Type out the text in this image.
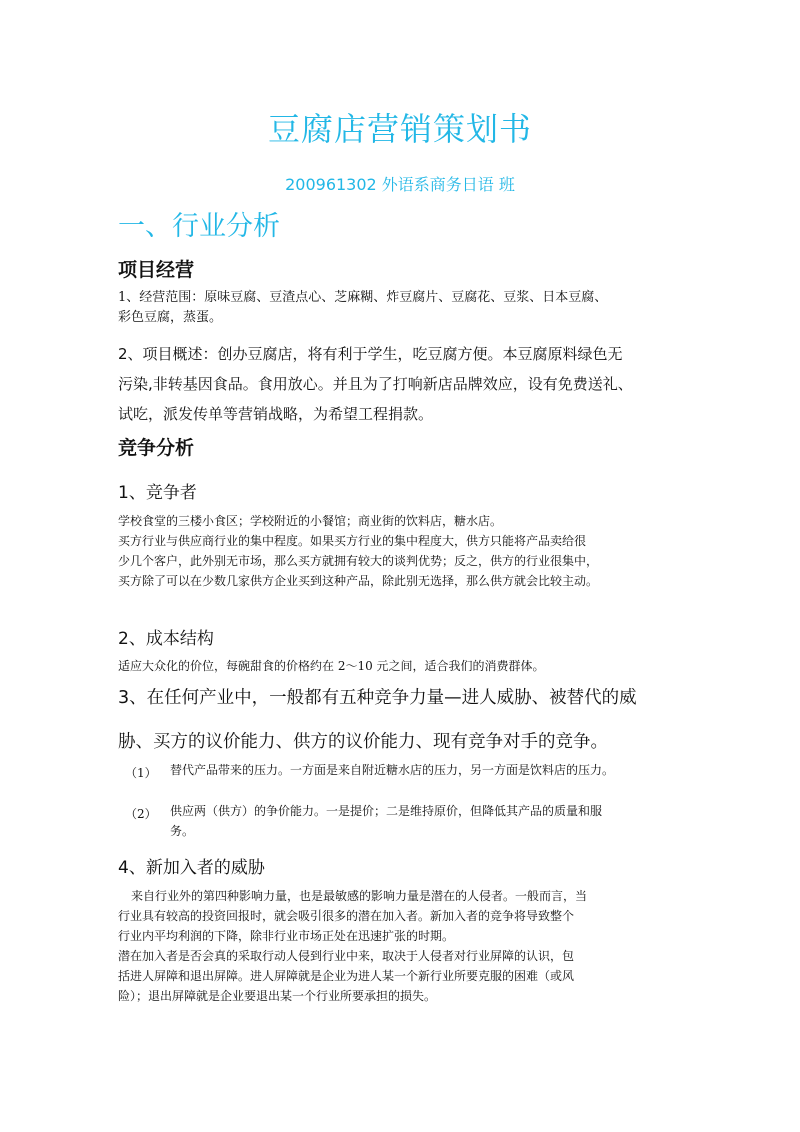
豆腐店营销策划书
200961302 外语系商务日语 班
一、行业分析
项目经营
1、经营范围：原味豆腐、豆渣点心、芝麻糊、炸豆腐片、豆腐花、豆浆、日本豆腐、
彩色豆腐，蒸蛋。
2、项目概述：创办豆腐店，将有利于学生，吃豆腐方便。本豆腐原料绿色无
污染,非转基因食品。食用放心。并且为了打响新店品牌效应，设有免费送礼、
试吃，派发传单等营销战略，为希望工程捐款。
竞争分析
1、竞争者
学校食堂的三楼小食区；学校附近的小餐馆；商业街的饮料店，糖水店。
买方行业与供应商行业的集中程度。如果买方行业的集中程度大，供方只能将产品卖给很
少几个客户，此外别无市场，那么买方就拥有较大的谈判优势；反之，供方的行业很集中，
买方除了可以在少数几家供方企业买到这种产品，除此别无选择，那么供方就会比较主动。
2、成本结构
适应大众化的价位，每碗甜食的价格约在 2～10 元之间，适合我们的消费群体。
3、在任何产业中，一般都有五种竞争力量—进人威胁、被替代的威
胁、买方的议价能力、供方的议价能力、现有竞争对手的竞争。
（1） 替代产品带来的压力。一方面是来自附近糖水店的压力，另一方面是饮料店的压力。
（2） 供应两（供方）的争价能力。一是提价；二是维持原价，但降低其产品的质量和服
务。
4、新加入者的威胁
来自行业外的第四种影响力量，也是最敏感的影响力量是潜在的人侵者。一般而言，当
行业具有较高的投资回报时，就会吸引很多的潜在加入者。新加入者的竞争将导致整个
行业内平均利润的下降，除非行业市场正处在迅速扩张的时期。
潜在加入者是否会真的采取行动人侵到行业中来，取决于人侵者对行业屏障的认识，包
括进人屏障和退出屏障。进人屏障就是企业为进人某一个新行业所要克服的困难（或风
险）；退出屏障就是企业要退出某一个行业所要承担的损失。
